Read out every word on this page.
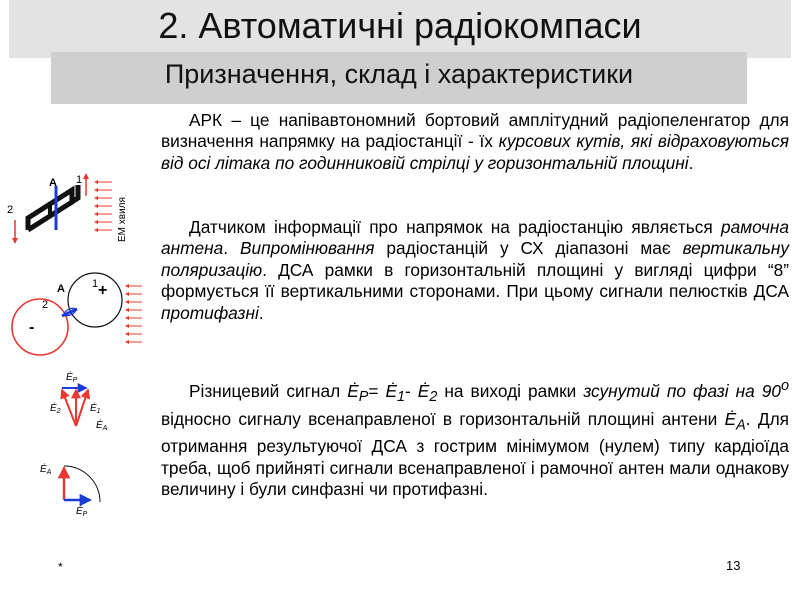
2. Автоматичні радіокомпаси
Призначення, склад і характеристики

АРК – це напівавтономний бортовий амплітудний радіопеленгатор для визначення напрямку на радіостанції - їх курсових кутів, які відраховуються від осі літака по годинниковій стрілці у горизонтальній площині.

Датчиком інформації про напрямок на радіостанцію являється рамочна антена. Випромінювання радіостанцій у СХ діапазоні має вертикальну поляризацію. ДСА рамки в горизонтальній площині у вигляді цифри “8” формується її вертикальними сторонами. При цьому сигнали пелюстків ДСА протифазні.

Різницевий сигнал $Ė_Р=$ $Ė_1-$ $Ė_2$ на виході рамки зсунутий по фазі на $90^о$ відносно сигналу всенаправленої в горизонтальній площині антени $Ė_А$. Для отримання результуючої ДСА з гострим мінімумом (нулем) типу кардіоїда треба, щоб прийняті сигнали всенаправленої і рамочної антен мали однакову величину і були синфазні чи протифазні.

А 1
2	ЕМ хвиля
А 1
2
+
-
$Ė_Р$
$Ė_2$	$Ė_1$
$Ė_А$
$Ė_А$
$Ė_Р$
*	13
